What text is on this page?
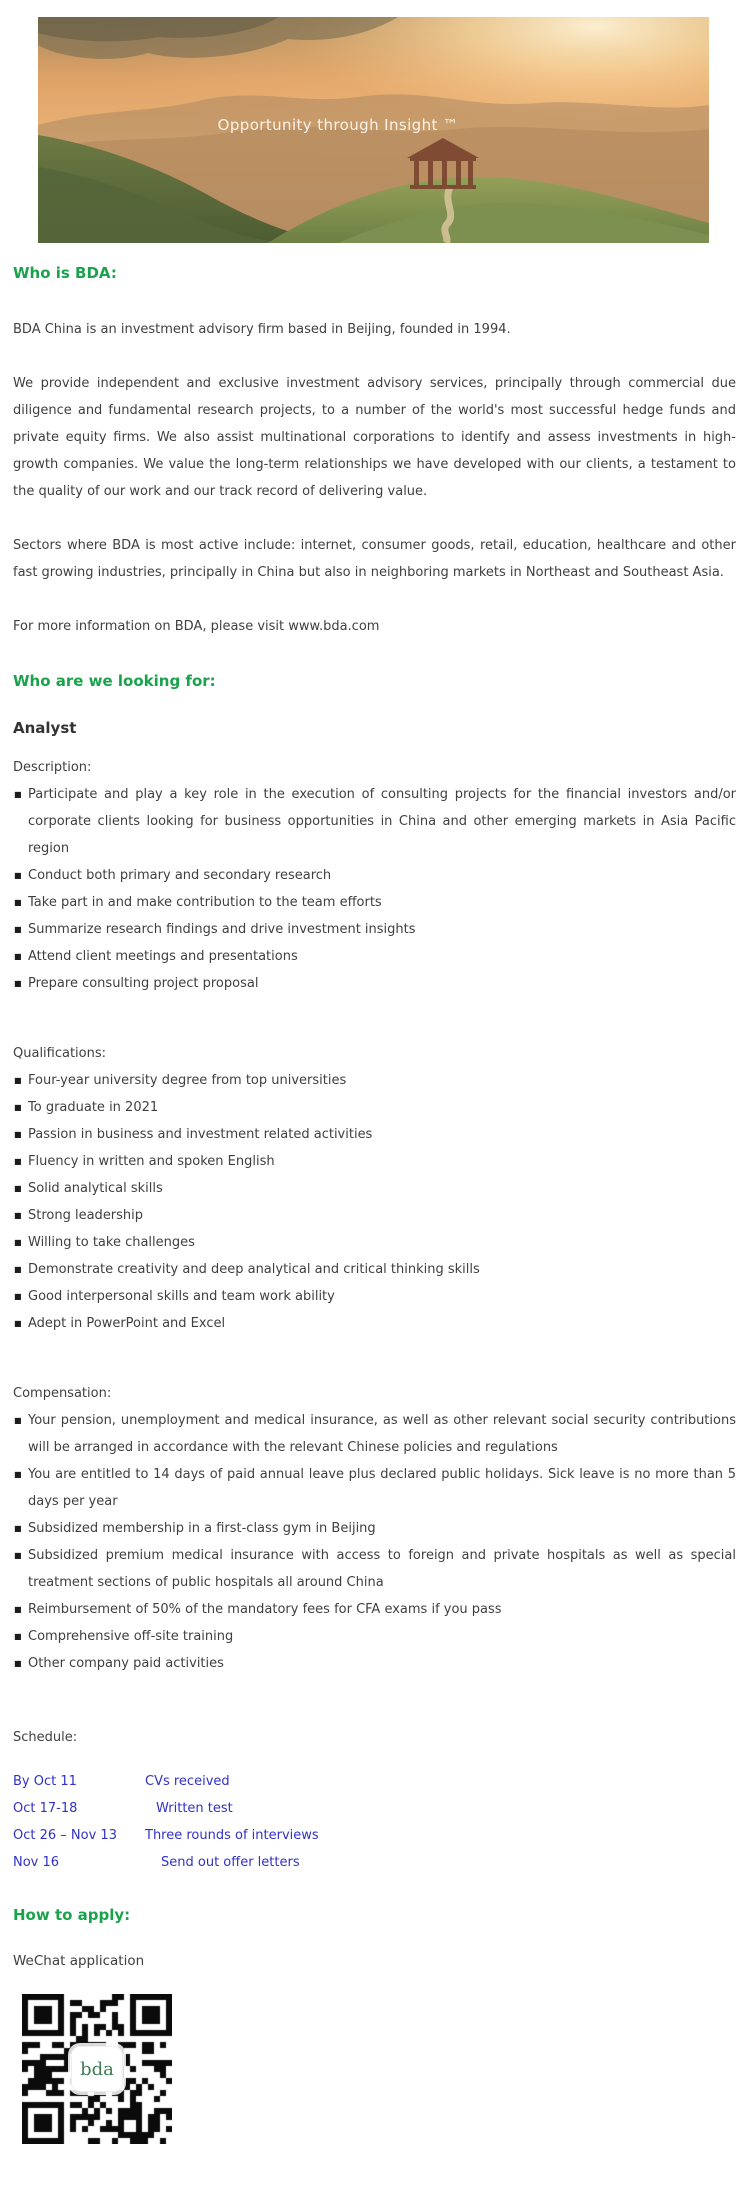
Opportunity through Insight ™
Who is BDA:

BDA China is an investment advisory firm based in Beijing, founded in 1994.

We provide independent and exclusive investment advisory services, principally through commercial due diligence and fundamental research projects, to a number of the world's most successful hedge funds and private equity firms. We also assist multinational corporations to identify and assess investments in high-growth companies. We value the long-term relationships we have developed with our clients, a testament to the quality of our work and our track record of delivering value.

Sectors where BDA is most active include: internet, consumer goods, retail, education, healthcare and other fast growing industries, principally in China but also in neighboring markets in Northeast and Southeast Asia.

For more information on BDA, please visit www.bda.com

Who are we looking for:
Analyst

Description:

■ Participate and play a key role in the execution of consulting projects for the financial investors and/or corporate clients looking for business opportunities in China and other emerging markets in Asia Pacific region
■ Conduct both primary and secondary research
■ Take part in and make contribution to the team efforts
■ Summarize research findings and drive investment insights
■ Attend client meetings and presentations
■ Prepare consulting project proposal

Qualifications:

■ Four-year university degree from top universities
■ To graduate in 2021
■ Passion in business and investment related activities
■ Fluency in written and spoken English
■ Solid analytical skills
■ Strong leadership
■ Willing to take challenges
■ Demonstrate creativity and deep analytical and critical thinking skills
■ Good interpersonal skills and team work ability
■ Adept in PowerPoint and Excel

Compensation:

■ Your pension, unemployment and medical insurance, as well as other relevant social security contributions will be arranged in accordance with the relevant Chinese policies and regulations
■ You are entitled to 14 days of paid annual leave plus declared public holidays. Sick leave is no more than 5 days per year
■ Subsidized membership in a first-class gym in Beijing
■ Subsidized premium medical insurance with access to foreign and private hospitals as well as special treatment sections of public hospitals all around China
■ Reimbursement of 50% of the mandatory fees for CFA exams if you pass
■ Comprehensive off-site training
■ Other company paid activities

Schedule:

By Oct 11	CVs received
Oct 17-18	Written test
Oct 26 – Nov 13 Three rounds of interviews
Nov 16	Send out offer letters
How to apply:

WeChat application

bda
